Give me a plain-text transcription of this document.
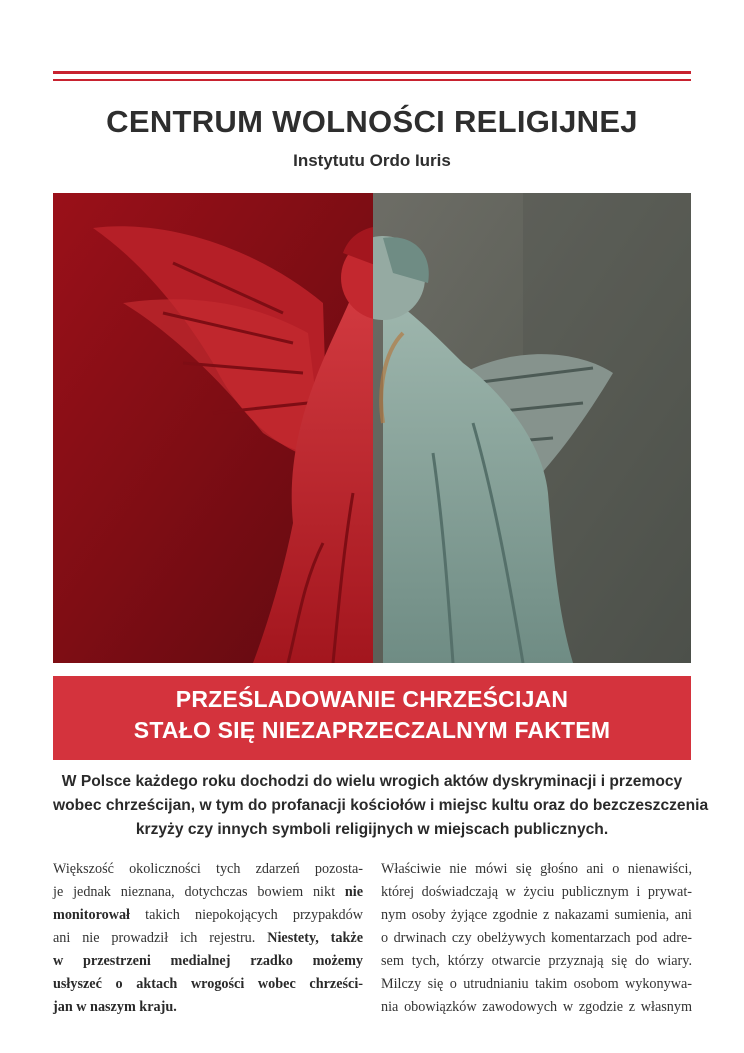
CENTRUM WOLNOŚCI RELIGIJNEJ
Instytutu Ordo Iuris
PRZEŚLADOWANIE CHRZEŚCIJAN
STAŁO SIĘ NIEZAPRZECZALNYM FAKTEM
W Polsce każdego roku dochodzi do wielu wrogich aktów dyskryminacji i przemocy
wobec chrześcijan, w tym do profanacji kościołów i miejsc kultu oraz do bezczeszczenia
krzyży czy innych symboli religijnych w miejscach publicznych.
Większość okoliczności tych zdarzeń pozosta-
je jednak nieznana, dotychczas bowiem nikt nie
monitorował takich niepokojących przypakdów
ani nie prowadził ich rejestru. Niestety, także
w przestrzeni medialnej rzadko możemy
usłyszeć o aktach wrogości wobec chrześci-
jan w naszym kraju.
Właściwie nie mówi się głośno ani o nienawiści,
której doświadczają w życiu publicznym i prywat-
nym osoby żyjące zgodnie z nakazami sumienia, ani
o drwinach czy obelżywych komentarzach pod adre-
sem tych, którzy otwarcie przyznają się do wiary.
Milczy się o utrudnianiu takim osobom wykonywa-
nia obowiązków zawodowych w zgodzie z własnym
